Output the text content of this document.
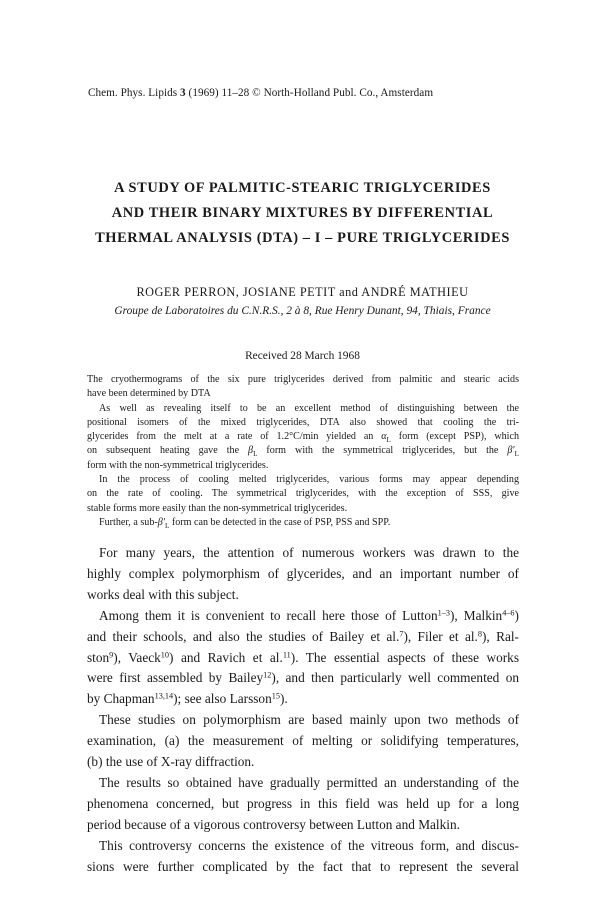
Chem. Phys. Lipids 3 (1969) 11–28 © North-Holland Publ. Co., Amsterdam
A STUDY OF PALMITIC-STEARIC TRIGLYCERIDES
AND THEIR BINARY MIXTURES BY DIFFERENTIAL
THERMAL ANALYSIS (DTA) – I – PURE TRIGLYCERIDES
ROGER PERRON, JOSIANE PETIT and ANDRÉ MATHIEU
Groupe de Laboratoires du C.N.R.S., 2 à 8, Rue Henry Dunant, 94, Thiais, France
Received 28 March 1968

The cryothermograms of the six pure triglycerides derived from palmitic and stearic acids

have been determined by DTA

As well as revealing itself to be an excellent method of distinguishing between the

positional isomers of the mixed triglycerides, DTA also showed that cooling the tri-

glycerides from the melt at a rate of 1.2°C/min yielded an $\alpha_L$ form (except PSP), which

on subsequent heating gave the $\beta_L$ form with the symmetrical triglycerides, but the $\beta'_L$

form with the non-symmetrical triglycerides.

In the process of cooling melted triglycerides, various forms may appear depending

on the rate of cooling. The symmetrical triglycerides, with the exception of SSS, give

stable forms more easily than the non-symmetrical triglycerides.

Further, a sub-$\beta'_L$ form can be detected in the case of PSP, PSS and SPP.

For many years, the attention of numerous workers was drawn to the

highly complex polymorphism of glycerides, and an important number of

works deal with this subject.

Among them it is convenient to recall here those of Lutton$^{1-3}$), Malkin$^{4-6}$)

and their schools, and also the studies of Bailey et al.$^7$), Filer et al.$^8$), Ral-

ston$^9$), Vaeck$^{10}$) and Ravich et al.$^{11}$). The essential aspects of these works

were first assembled by Bailey$^{12}$), and then particularly well commented on

by Chapman$^{13,14}$); see also Larsson$^{15}$).

These studies on polymorphism are based mainly upon two methods of

examination, (a) the measurement of melting or solidifying temperatures,

(b) the use of X-ray diffraction.

The results so obtained have gradually permitted an understanding of the

phenomena concerned, but progress in this field was held up for a long

period because of a vigorous controversy between Lutton and Malkin.

This controversy concerns the existence of the vitreous form, and discus-

sions were further complicated by the fact that to represent the several
